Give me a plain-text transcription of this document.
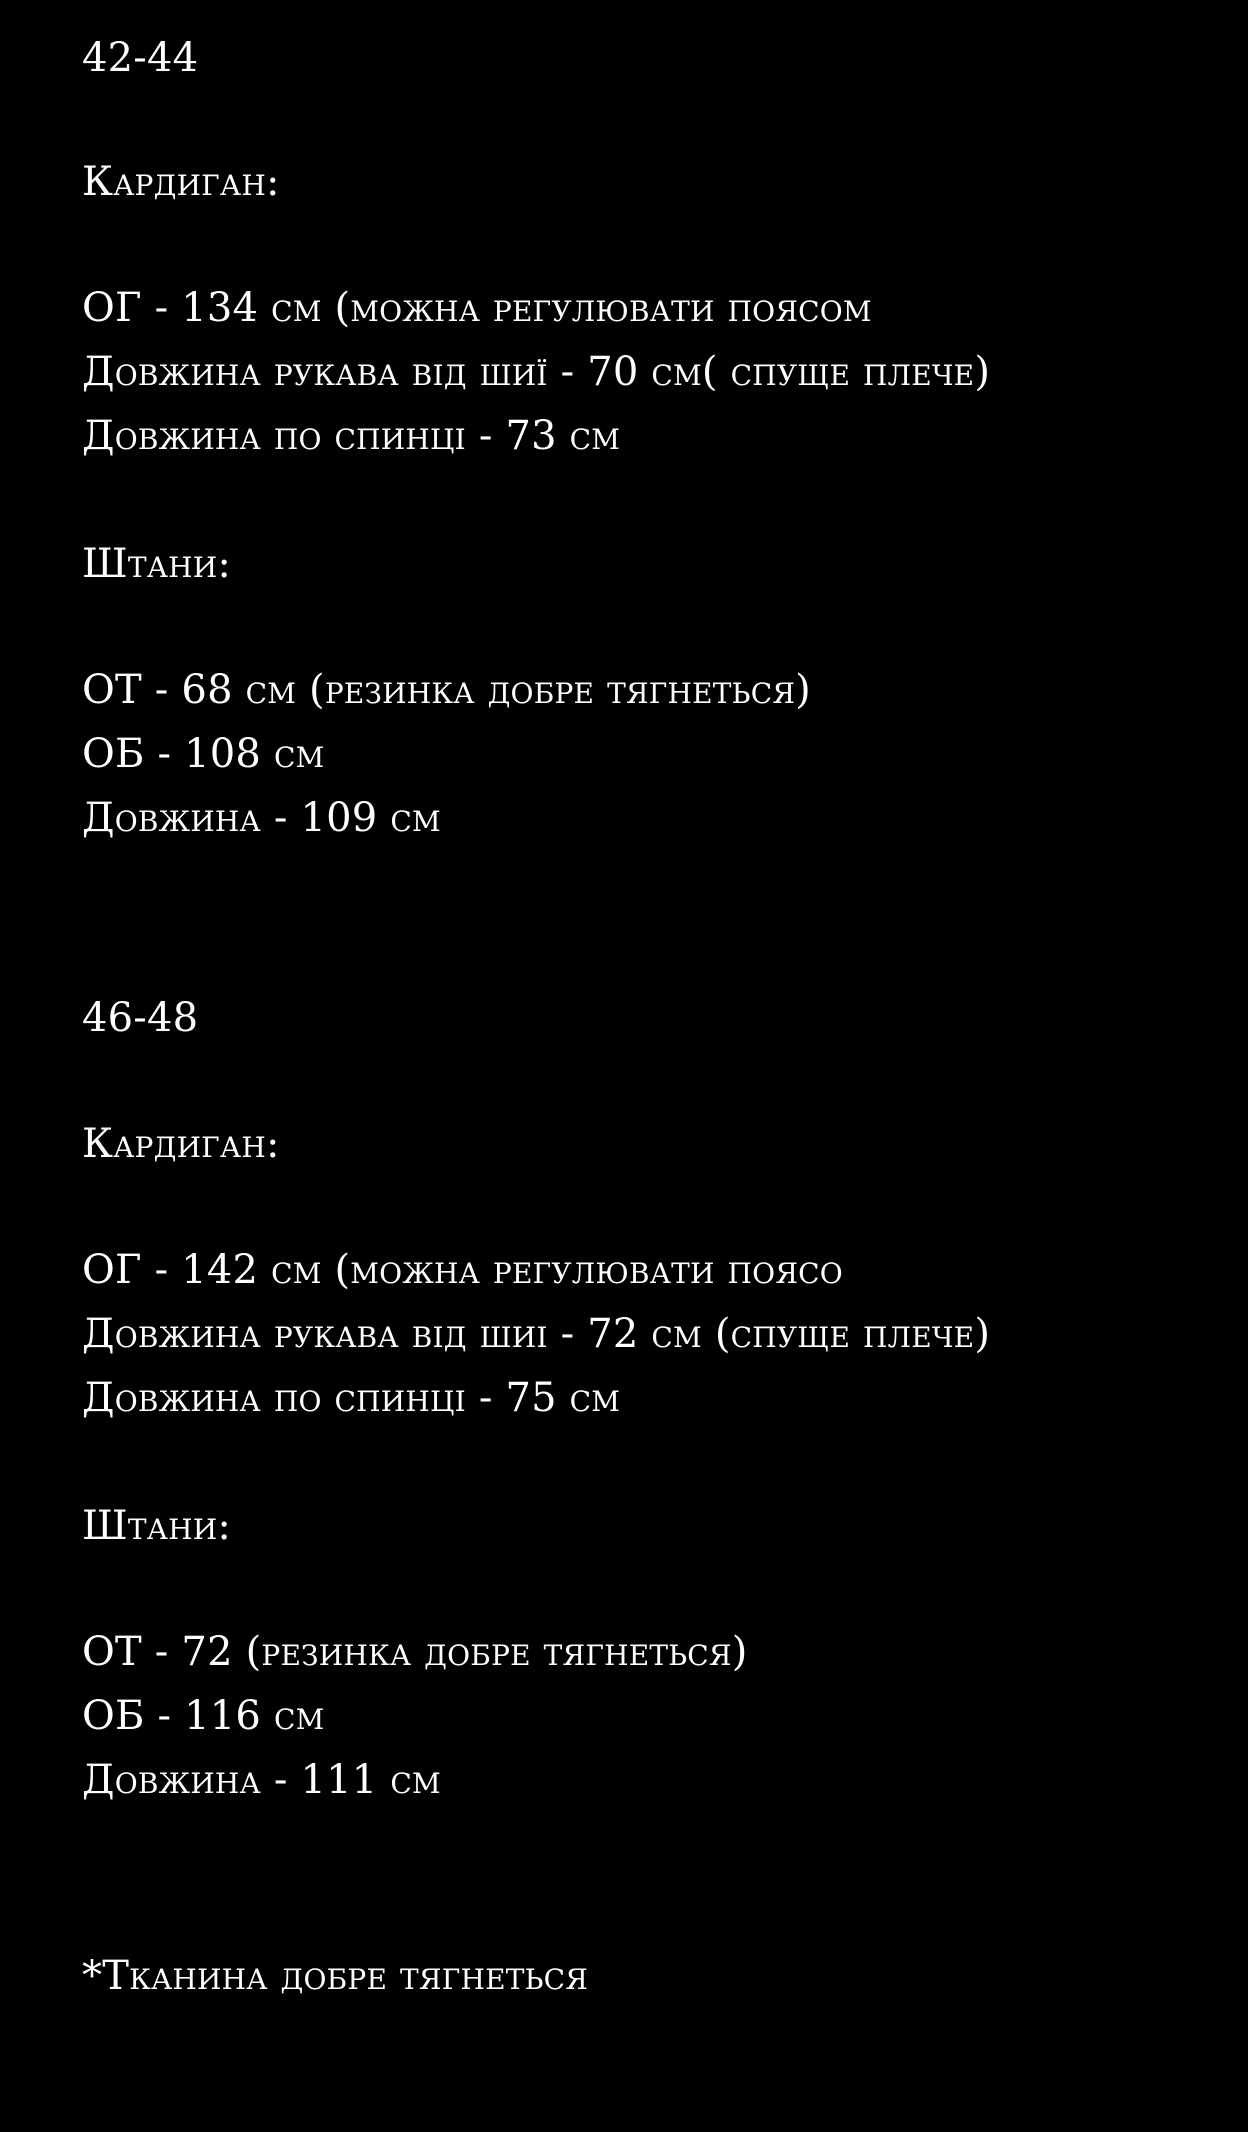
42-44

Кардиган:

ОГ - 134 см (можна регулювати поясом

Довжина рукава від шиї - 70 см( спуще плече)

Довжина по спинці - 73 см

Штани:

ОТ - 68 см (резинка добре тягнеться)

ОБ - 108 см

Довжина - 109 см

46-48

Кардиган:

ОГ - 142 см (можна регулювати поясо

Довжина рукава від шиі - 72 см (спуще плече)

Довжина по спинці - 75 см

Штани:

ОТ - 72 (резинка добре тягнеться)

ОБ - 116 см

Довжина - 111 см

*Тканина добре тягнеться
